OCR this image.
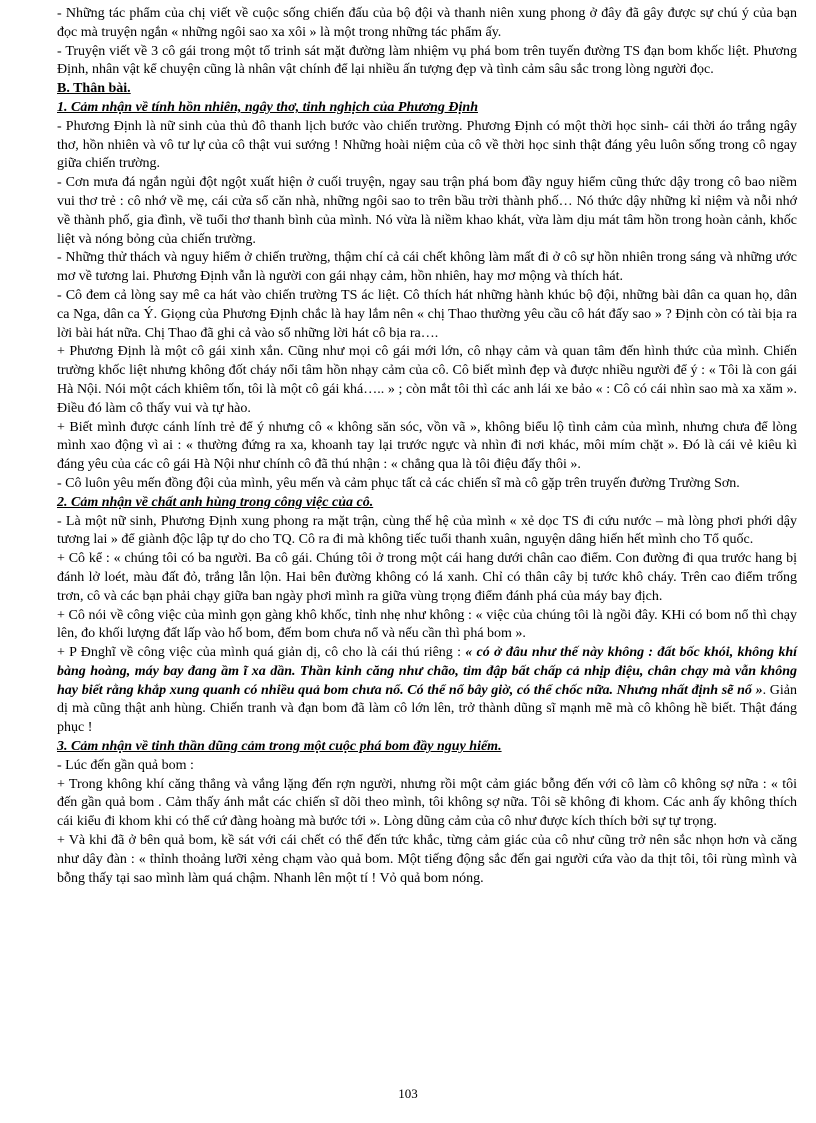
- Những tác phẩm của chị viết về cuộc sống chiến đấu của bộ đội và thanh niên xung phong ở đây đã gây được sự chú ý của bạn đọc mà truyện ngắn « những ngôi sao xa xôi » là một trong những tác phẩm ấy.

- Truyện viết về 3 cô gái trong một tổ trinh sát mặt đường làm nhiệm vụ phá bom trên tuyến đường TS đạn bom khốc liệt. Phương Định, nhân vật kể chuyện cũng là nhân vật chính để lại nhiều ấn tượng đẹp và tình cảm sâu sắc trong lòng người đọc.

B. Thân bài.

1. Cảm nhận về tính hồn nhiên, ngây thơ, tinh nghịch của Phương Định

- Phương Định là nữ sinh của thủ đô thanh lịch bước vào chiến trường. Phương Định có một thời học sinh- cái thời áo trắng ngây thơ, hồn nhiên và vô tư lự của cô thật vui sướng ! Những hoài niệm của cô về thời học sinh thật đáng yêu luôn sống trong cô ngay giữa chiến trường.

- Cơn mưa đá ngắn ngủi đột ngột xuất hiện ở cuối truyện, ngay sau trận phá bom đầy nguy hiểm cũng thức dậy trong cô bao niềm vui thơ trẻ : cô nhớ về mẹ, cái cửa sổ căn nhà, những ngôi sao to trên bầu trời thành phố… Nó thức dậy những kỉ niệm và nỗi nhớ về thành phố, gia đình, về tuổi thơ thanh bình của mình. Nó vừa là niềm khao khát, vừa làm dịu mát tâm hồn trong hoàn cảnh, khốc liệt và nóng bỏng của chiến trường.

- Những thử thách và nguy hiểm ở chiến trường, thậm chí cả cái chết không làm mất đi ở cô sự hồn nhiên trong sáng và những ước mơ về tương lai. Phương Định vẫn là người con gái nhạy cảm, hồn nhiên, hay mơ mộng và thích hát.

- Cô đem cả lòng say mê ca hát vào chiến trường TS ác liệt. Cô thích hát những hành khúc bộ đội, những bài dân ca quan họ, dân ca Nga, dân ca Ý. Giọng của Phương Định chắc là hay lắm nên « chị Thao thường yêu cầu cô hát đấy sao » ? Định còn có tài bịa ra lời bài hát nữa. Chị Thao đã ghi cả vào sổ những lời hát cô bịa ra….

+ Phương Định là một cô gái xinh xắn. Cũng như mọi cô gái mới lớn, cô nhạy cảm và quan tâm đến hình thức của mình. Chiến trường khốc liệt nhưng không đốt cháy nổi tâm hồn nhạy cảm của cô. Cô biết mình đẹp và được nhiều người để ý : « Tôi là con gái Hà Nội. Nói một cách khiêm tốn, tôi là một cô gái khá….. » ; còn mắt tôi thì các anh lái xe bảo « : Cô có cái nhìn sao mà xa xăm ». Điều đó làm cô thấy vui và tự hào.

+ Biết mình được cánh lính trẻ để ý nhưng cô « không săn sóc, vồn vã », không biểu lộ tình cảm của mình, nhưng chưa để lòng mình xao động vì ai : « thường đứng ra xa, khoanh tay lại trước ngực và nhìn đi nơi khác, môi mím chặt ». Đó là cái vẻ kiêu kì đáng yêu của các cô gái Hà Nội như chính cô đã thú nhận : « chẳng qua là tôi điệu đấy thôi ».

- Cô luôn yêu mến đồng đội của mình, yêu mến và cảm phục tất cả các chiến sĩ mà cô gặp trên truyến đường Trường Sơn.

2. Cảm nhận về chất anh hùng trong công việc của cô.

- Là một nữ sinh, Phương Định xung phong ra mặt trận, cùng thế hệ của mình « xẻ dọc TS đi cứu nước – mà lòng phơi phới dậy tương lai » để giành độc lập tự do cho TQ. Cô ra đi mà không tiếc tuổi thanh xuân, nguyện dâng hiến hết mình cho Tổ quốc.

+ Cô kể : « chúng tôi có ba người. Ba cô gái. Chúng tôi ở trong một cái hang dưới chân cao điểm. Con đường đi qua trước hang bị đánh lở loét, màu đất đỏ, trắng lẫn lộn. Hai bên đường không có lá xanh. Chỉ có thân cây bị tước khô cháy. Trên cao điểm trống trơn, cô và các bạn phải chạy giữa ban ngày phơi mình ra giữa vùng trọng điểm đánh phá của máy bay địch.

+ Cô nói về công việc của mình gọn gàng khô khốc, tỉnh nhẹ như không : « việc của chúng tôi là ngồi đây. KHi có bom nổ thì chạy lên, đo khối lượng đất lấp vào hố bom, đếm bom chưa nổ và nếu cần thì phá bom ».

+ P Đnghĩ về công việc của mình quá giản dị, cô cho là cái thú riêng : « có ở đâu như thế này không : đất bốc khói, không khí bàng hoàng, máy bay đang ầm ĩ xa dần. Thần kinh căng như chão, tim đập bất chấp cả nhịp điệu, chân chạy mà vẫn không hay biết rằng khắp xung quanh có nhiều quả bom chưa nổ. Có thể nổ bây giờ, có thể chốc nữa. Nhưng nhất định sẽ nổ ». Giản dị mà cũng thật anh hùng. Chiến tranh và đạn bom đã làm cô lớn lên, trở thành dũng sĩ mạnh mẽ mà cô không hề biết. Thật đáng phục !

3. Cảm nhận về tinh thần dũng cảm trong một cuộc phá bom đầy nguy hiểm.

- Lúc đến gần quả bom :

+ Trong không khí căng thẳng và vắng lặng đến rợn người, nhưng rồi một cảm giác bỗng đến với cô làm cô không sợ nữa : « tôi đến gần quả bom . Cảm thấy ánh mắt các chiến sĩ dõi theo mình, tôi không sợ nữa. Tôi sẽ không đi khom. Các anh ấy không thích cái kiểu đi khom khi có thể cứ đàng hoàng mà bước tới ». Lòng dũng cảm của cô như được kích thích bởi sự tự trọng.

+ Và khi đã ở bên quả bom, kề sát với cái chết có thể đến tức khắc, từng cảm giác của cô như cũng trở nên sắc nhọn hơn và căng như dây đàn : « thỉnh thoảng lưỡi xẻng chạm vào quả bom. Một tiếng động sắc đến gai người cứa vào da thịt tôi, tôi rùng mình và bỗng thấy tại sao mình làm quá chậm. Nhanh lên một tí ! Vỏ quả bom nóng.

103
